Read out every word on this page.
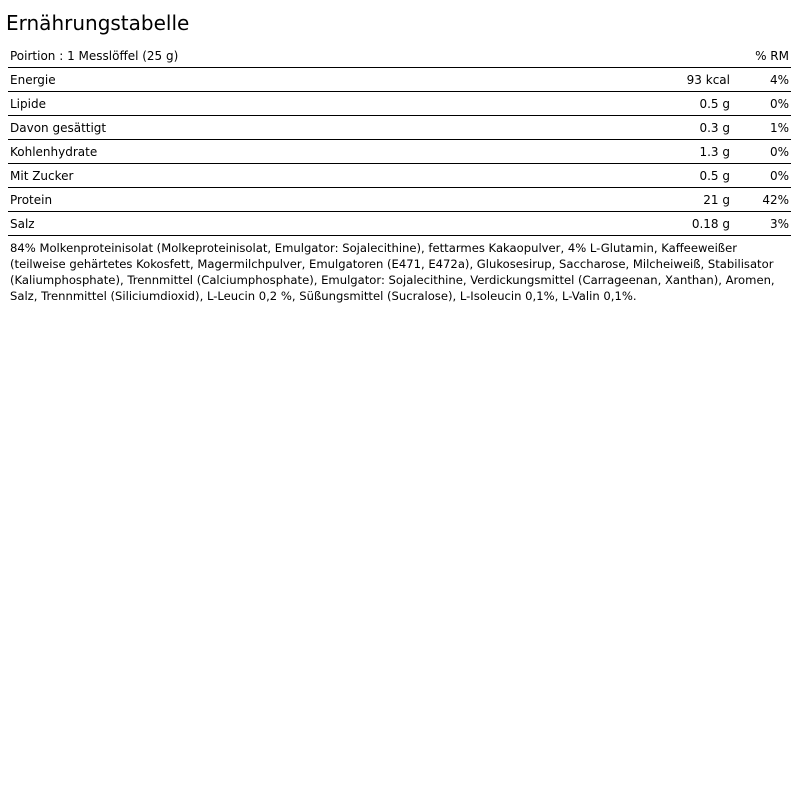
Ernährungstabelle
Poirtion : 1 Messlöffel (25 g)		% RM
Energie	93 kcal	4%
Lipide	0.5 g	0%
Davon gesättigt	0.3 g	1%
Kohlenhydrate	1.3 g	0%
Mit Zucker	0.5 g	0%
Protein	21 g	42%
Salz	0.18 g	3%

84% Molkenproteinisolat (Molkeproteinisolat, Emulgator: Sojalecithine), fettarmes Kakaopulver, 4% L-Glutamin, Kaffeeweißer (teilweise gehärtetes Kokosfett, Magermilchpulver, Emulgatoren (E471, E472a), Glukosesirup, Saccharose, Milcheiweiß, Stabilisator (Kaliumphosphate), Trennmittel (Calciumphosphate), Emulgator: Sojalecithine, Verdickungsmittel (Carrageenan, Xanthan), Aromen, Salz, Trennmittel (Siliciumdioxid), L-Leucin 0,2 %, Süßungsmittel (Sucralose), L-Isoleucin 0,1%, L-Valin 0,1%.
